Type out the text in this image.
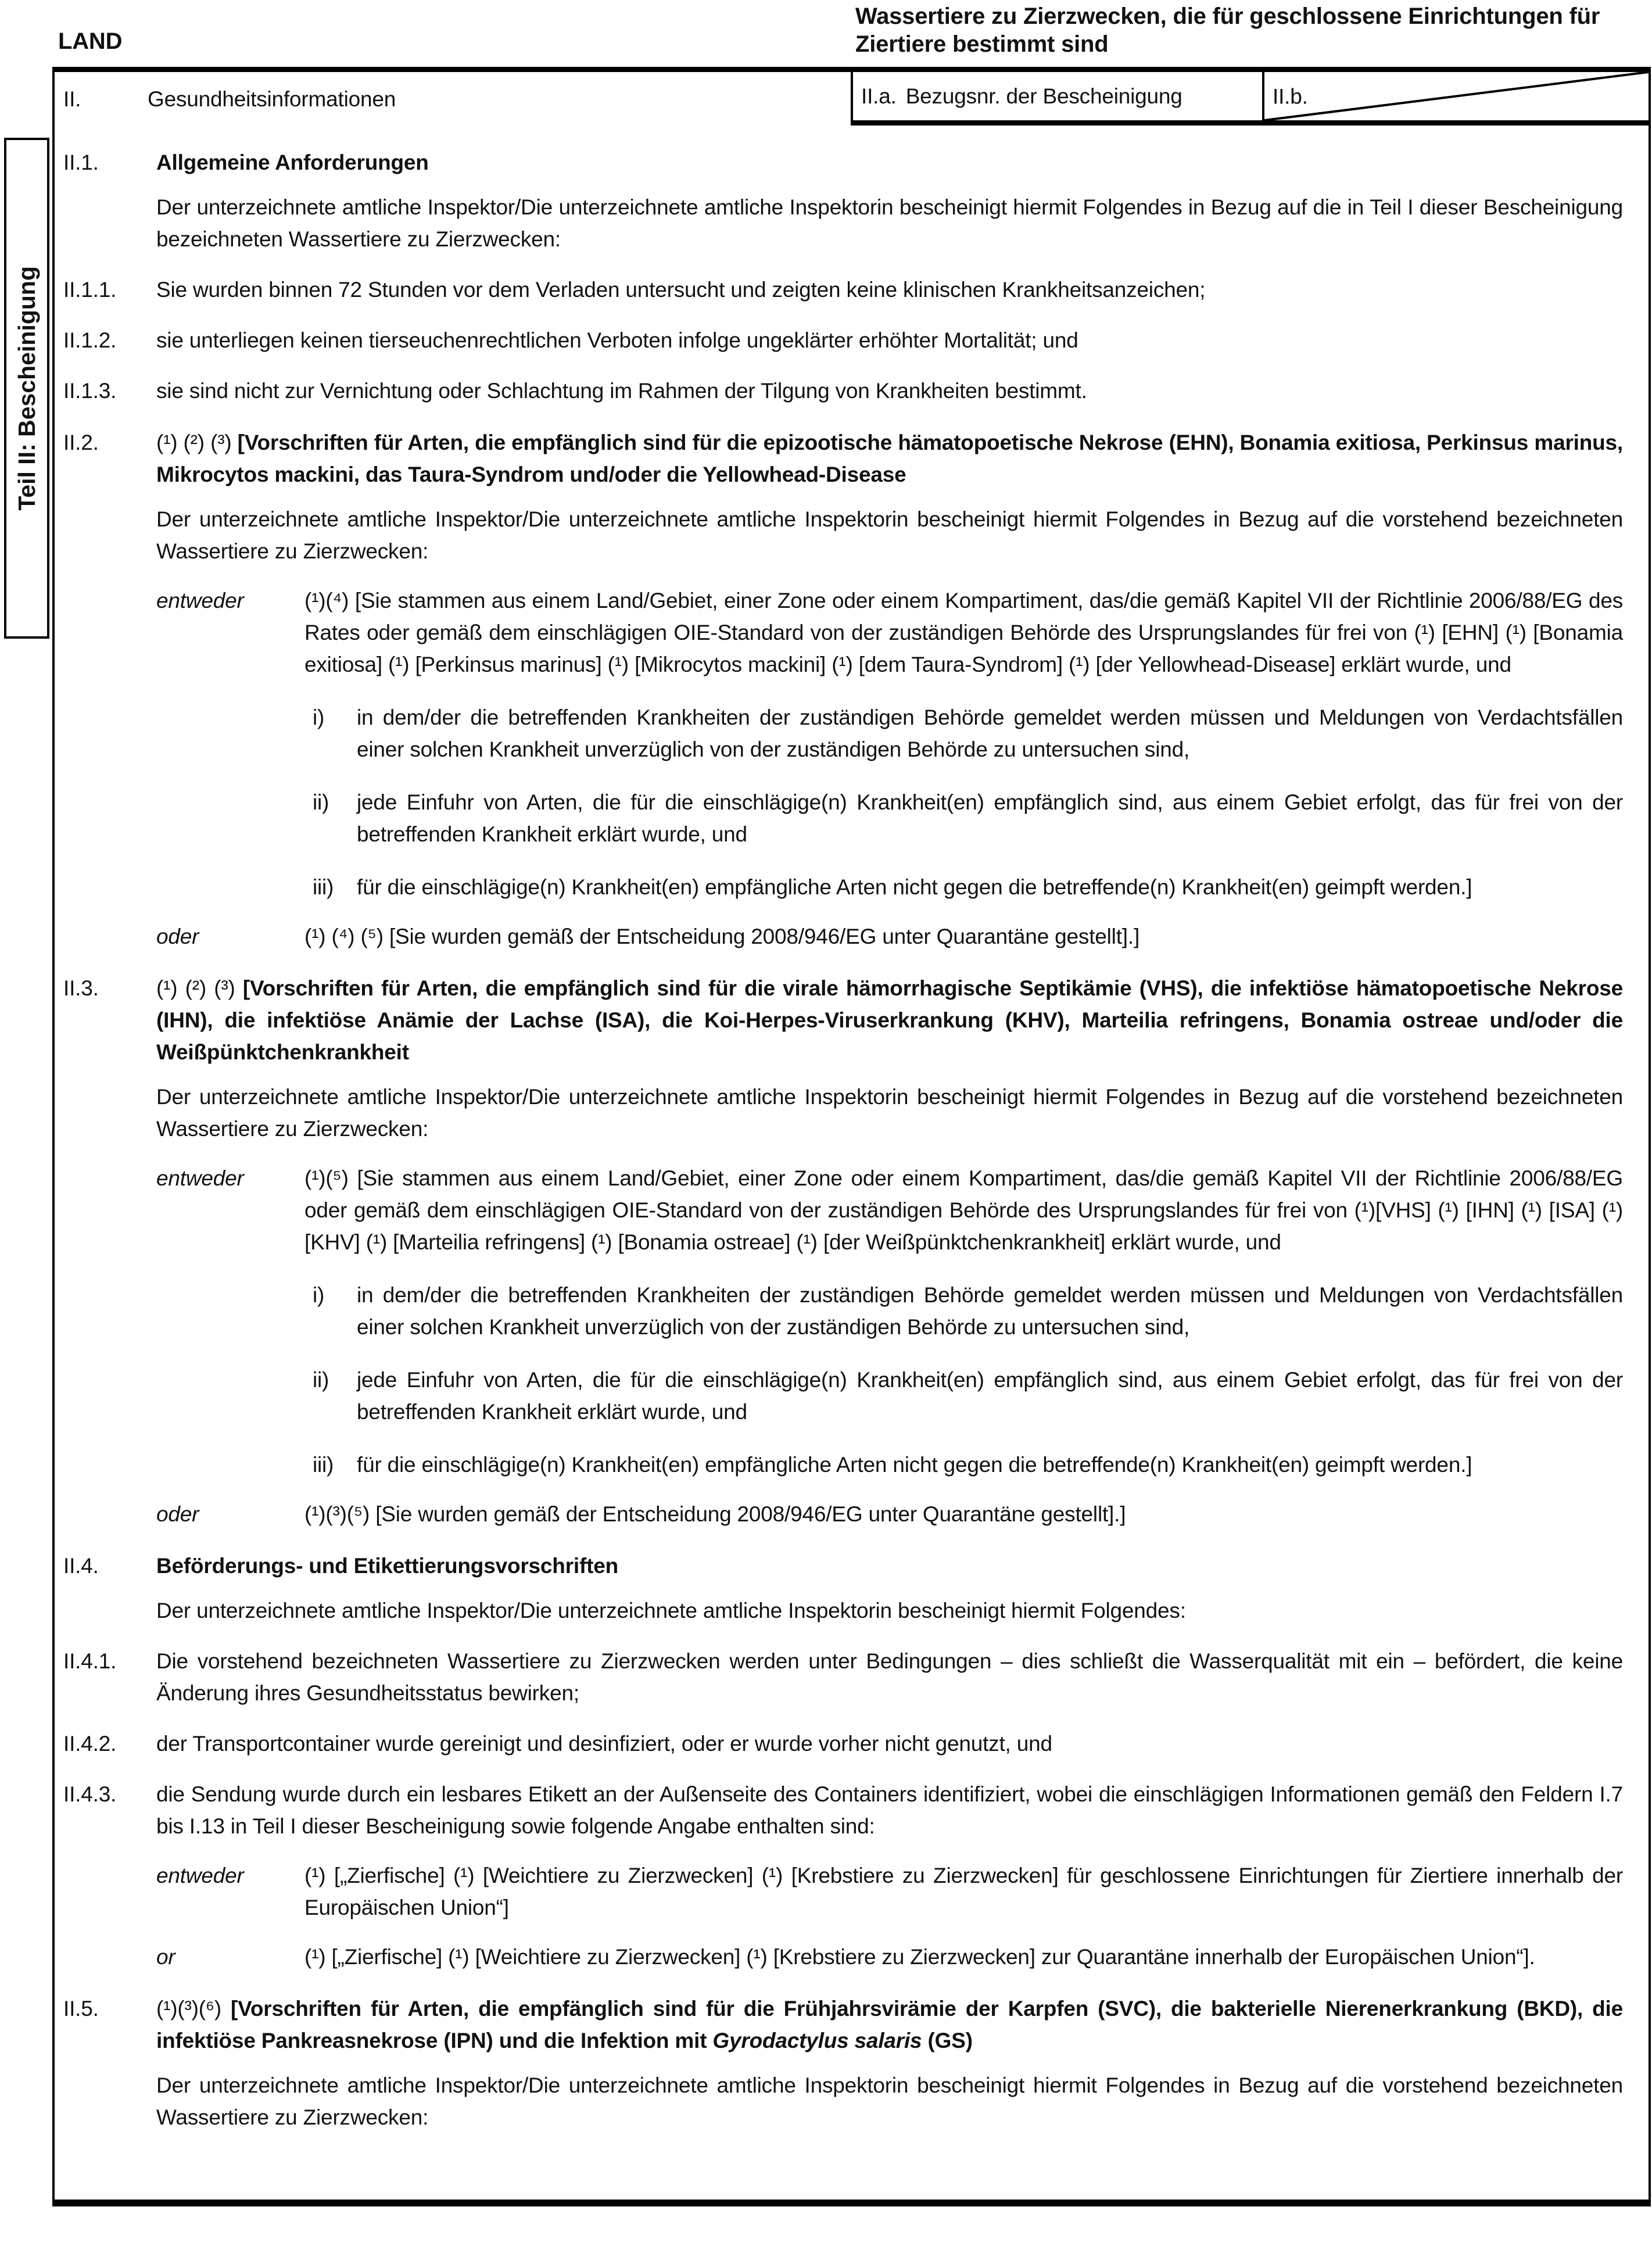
LAND
Wassertiere zu Zierzwecken, die für geschlossene Einrichtungen für Ziertiere bestimmt sind
Teil II: Bescheinigung
II.	Gesundheitsinformationen	II.a. Bezugsnr. der Bescheinigung	II.b.
II.1.	Allgemeine Anforderungen
Der unterzeichnete amtliche Inspektor/Die unterzeichnete amtliche Inspektorin bescheinigt hiermit Folgendes in Bezug auf die in Teil I dieser Bescheinigung bezeichneten Wassertiere zu Zierzwecken:
II.1.1.	Sie wurden binnen 72 Stunden vor dem Verladen untersucht und zeigten keine klinischen Krankheitsanzeichen;
II.1.2.	sie unterliegen keinen tierseuchenrechtlichen Verboten infolge ungeklärter erhöhter Mortalität; und
II.1.3.	sie sind nicht zur Vernichtung oder Schlachtung im Rahmen der Tilgung von Krankheiten bestimmt.
II.2.	(¹) (²) (³) [Vorschriften für Arten, die empfänglich sind für die epizootische hämatopoetische Nekrose (EHN), Bonamia exitiosa, Perkinsus marinus, Mikrocytos mackini, das Taura-Syndrom und/oder die Yellowhead-Disease
Der unterzeichnete amtliche Inspektor/Die unterzeichnete amtliche Inspektorin bescheinigt hiermit Folgendes in Bezug auf die vorstehend bezeichneten Wassertiere zu Zierzwecken:
entweder	(¹)(⁴) [Sie stammen aus einem Land/Gebiet, einer Zone oder einem Kompartiment, das/die gemäß Kapitel VII der Richtlinie 2006/88/EG des Rates oder gemäß dem einschlägigen OIE-Standard von der zuständigen Behörde des Ursprungslandes für frei von (¹) [EHN] (¹) [Bonamia exitiosa] (¹) [Perkinsus marinus] (¹) [Mikrocytos mackini] (¹) [dem Taura-Syndrom] (¹) [der Yellowhead-Disease] erklärt wurde, und
i)	in dem/der die betreffenden Krankheiten der zuständigen Behörde gemeldet werden müssen und Meldungen von Verdachtsfällen einer solchen Krankheit unverzüglich von der zuständigen Behörde zu untersuchen sind,
ii)	jede Einfuhr von Arten, die für die einschlägige(n) Krankheit(en) empfänglich sind, aus einem Gebiet erfolgt, das für frei von der betreffenden Krankheit erklärt wurde, und
iii)	für die einschlägige(n) Krankheit(en) empfängliche Arten nicht gegen die betreffende(n) Krankheit(en) geimpft werden.]
oder	(¹) (⁴) (⁵) [Sie wurden gemäß der Entscheidung 2008/946/EG unter Quarantäne gestellt].]
II.3.	(¹) (²) (³) [Vorschriften für Arten, die empfänglich sind für die virale hämorrhagische Septikämie (VHS), die infektiöse hämatopoetische Nekrose (IHN), die infektiöse Anämie der Lachse (ISA), die Koi-Herpes-Viruserkrankung (KHV), Marteilia refringens, Bonamia ostreae und/oder die Weißpünktchenkrankheit
Der unterzeichnete amtliche Inspektor/Die unterzeichnete amtliche Inspektorin bescheinigt hiermit Folgendes in Bezug auf die vorstehend bezeichneten Wassertiere zu Zierzwecken:
entweder	(¹)(⁵) [Sie stammen aus einem Land/Gebiet, einer Zone oder einem Kompartiment, das/die gemäß Kapitel VII der Richtlinie 2006/88/EG oder gemäß dem einschlägigen OIE-Standard von der zuständigen Behörde des Ursprungslandes für frei von (¹)[VHS] (¹) [IHN] (¹) [ISA] (¹) [KHV] (¹) [Marteilia refringens] (¹) [Bonamia ostreae] (¹) [der Weißpünktchenkrankheit] erklärt wurde, und
i)	in dem/der die betreffenden Krankheiten der zuständigen Behörde gemeldet werden müssen und Meldungen von Verdachtsfällen einer solchen Krankheit unverzüglich von der zuständigen Behörde zu untersuchen sind,
ii)	jede Einfuhr von Arten, die für die einschlägige(n) Krankheit(en) empfänglich sind, aus einem Gebiet erfolgt, das für frei von der betreffenden Krankheit erklärt wurde, und
iii)	für die einschlägige(n) Krankheit(en) empfängliche Arten nicht gegen die betreffende(n) Krankheit(en) geimpft werden.]
oder	(¹)(³)(⁵) [Sie wurden gemäß der Entscheidung 2008/946/EG unter Quarantäne gestellt].]
II.4.	Beförderungs- und Etikettierungsvorschriften
Der unterzeichnete amtliche Inspektor/Die unterzeichnete amtliche Inspektorin bescheinigt hiermit Folgendes:
II.4.1.	Die vorstehend bezeichneten Wassertiere zu Zierzwecken werden unter Bedingungen – dies schließt die Wasserqualität mit ein – befördert, die keine Änderung ihres Gesundheitsstatus bewirken;
II.4.2.	der Transportcontainer wurde gereinigt und desinfiziert, oder er wurde vorher nicht genutzt, und
II.4.3.	die Sendung wurde durch ein lesbares Etikett an der Außenseite des Containers identifiziert, wobei die einschlägigen Informationen gemäß den Feldern I.7 bis I.13 in Teil I dieser Bescheinigung sowie folgende Angabe enthalten sind:
entweder	(¹) [„Zierfische] (¹) [Weichtiere zu Zierzwecken] (¹) [Krebstiere zu Zierzwecken] für geschlossene Einrichtungen für Ziertiere innerhalb der Europäischen Union“]
or	(¹) [„Zierfische] (¹) [Weichtiere zu Zierzwecken] (¹) [Krebstiere zu Zierzwecken] zur Quarantäne innerhalb der Europäischen Union“].
II.5.	(¹)(³)(⁶) [Vorschriften für Arten, die empfänglich sind für die Frühjahrsvirämie der Karpfen (SVC), die bakterielle Nierenerkrankung (BKD), die infektiöse Pankreasnekrose (IPN) und die Infektion mit Gyrodactylus salaris (GS)
Der unterzeichnete amtliche Inspektor/Die unterzeichnete amtliche Inspektorin bescheinigt hiermit Folgendes in Bezug auf die vorstehend bezeichneten Wassertiere zu Zierzwecken:
